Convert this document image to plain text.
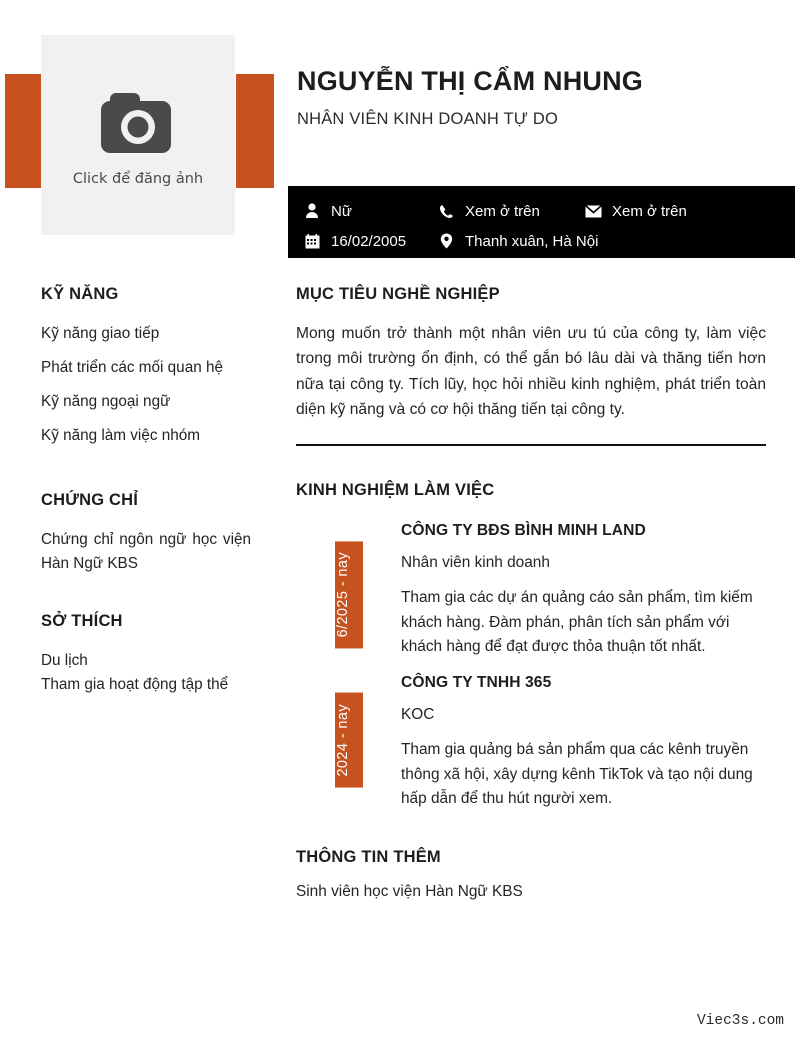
Click để đăng ảnh
NGUYỄN THỊ CẨM NHUNG
NHÂN VIÊN KINH DOANH TỰ DO
Nữ	Xem ở trên	Xem ở trên
16/02/2005	Thanh xuân, Hà Nội
KỸ NĂNG
Kỹ năng giao tiếp
Phát triển các mối quan hệ
Kỹ năng ngoại ngữ
Kỹ năng làm việc nhóm
CHỨNG CHỈ
Chứng chỉ ngôn ngữ học viện Hàn Ngữ KBS
SỞ THÍCH
Du lịch
Tham gia hoạt động tập thể
MỤC TIÊU NGHỀ NGHIỆP
Mong muốn trở thành một nhân viên ưu tú của công ty, làm việc trong môi trường ổn định, có thể gắn bó lâu dài và thăng tiến hơn nữa tại công ty. Tích lũy, học hỏi nhiều kinh nghiệm, phát triển toàn diện kỹ năng và có cơ hội thăng tiến tại công ty.
KINH NGHIỆM LÀM VIỆC
6/2025 - nay
CÔNG TY BĐS BÌNH MINH LAND
Nhân viên kinh doanh
Tham gia các dự án quảng cáo sản phẩm, tìm kiếm khách hàng. Đàm phán, phân tích sản phẩm với khách hàng để đạt được thỏa thuận tốt nhất.
2024 - nay
CÔNG TY TNHH 365
KOC
Tham gia quảng bá sản phẩm qua các kênh truyền thông xã hội, xây dựng kênh TikTok và tạo nội dung hấp dẫn để thu hút người xem.
THÔNG TIN THÊM
Sinh viên học viện Hàn Ngữ KBS
Viec3s.com
